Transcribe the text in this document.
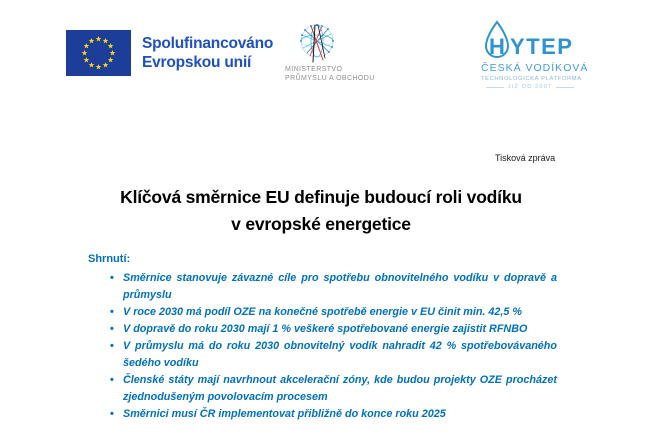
Spolufinancováno
Evropskou unií	MINISTERSTVO
PRŮMYSLU A OBCHODU
H YTEP
ČESKÁ VODÍKOVÁ
TECHNOLOGICKÁ PLATFORMA
JIŽ OD 2007
Tisková zpráva
Klíčová směrnice EU definuje budoucí roli vodíku
v evropské energetice
Shrnutí:
• Směrnice stanovuje závazné cíle pro spotřebu obnovitelného vodíku v dopravě a průmyslu
• V roce 2030 má podíl OZE na konečné spotřebě energie v EU činit min. 42,5 %
• V dopravě do roku 2030 mají 1 % veškeré spotřebované energie zajistit RFNBO
• V průmyslu má do roku 2030 obnovitelný vodík nahradit 42 % spotřebovávaného šedého vodíku
• Členské státy mají navrhnout akcelerační zóny, kde budou projekty OZE procházet zjednodušeným povolovacím procesem
• Směrnici musí ČR implementovat přibližně do konce roku 2025
